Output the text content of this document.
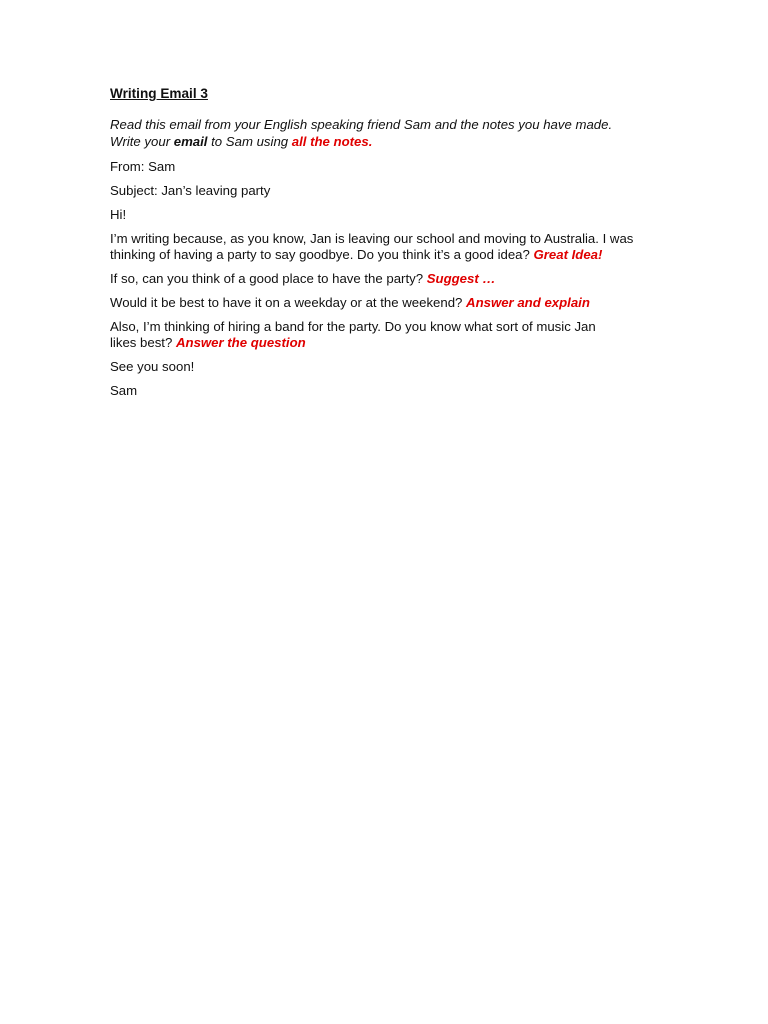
Writing Email 3
Read this email from your English speaking friend Sam and the notes you have made.
Write your email to Sam using all the notes.
From: Sam
Subject: Jan’s leaving party
Hi!
I’m writing because, as you know, Jan is leaving our school and moving to Australia. I was
thinking of having a party to say goodbye. Do you think it’s a good idea? Great Idea!
If so, can you think of a good place to have the party? Suggest …
Would it be best to have it on a weekday or at the weekend? Answer and explain
Also, I’m thinking of hiring a band for the party. Do you know what sort of music Jan
likes best? Answer the question
See you soon!
Sam
